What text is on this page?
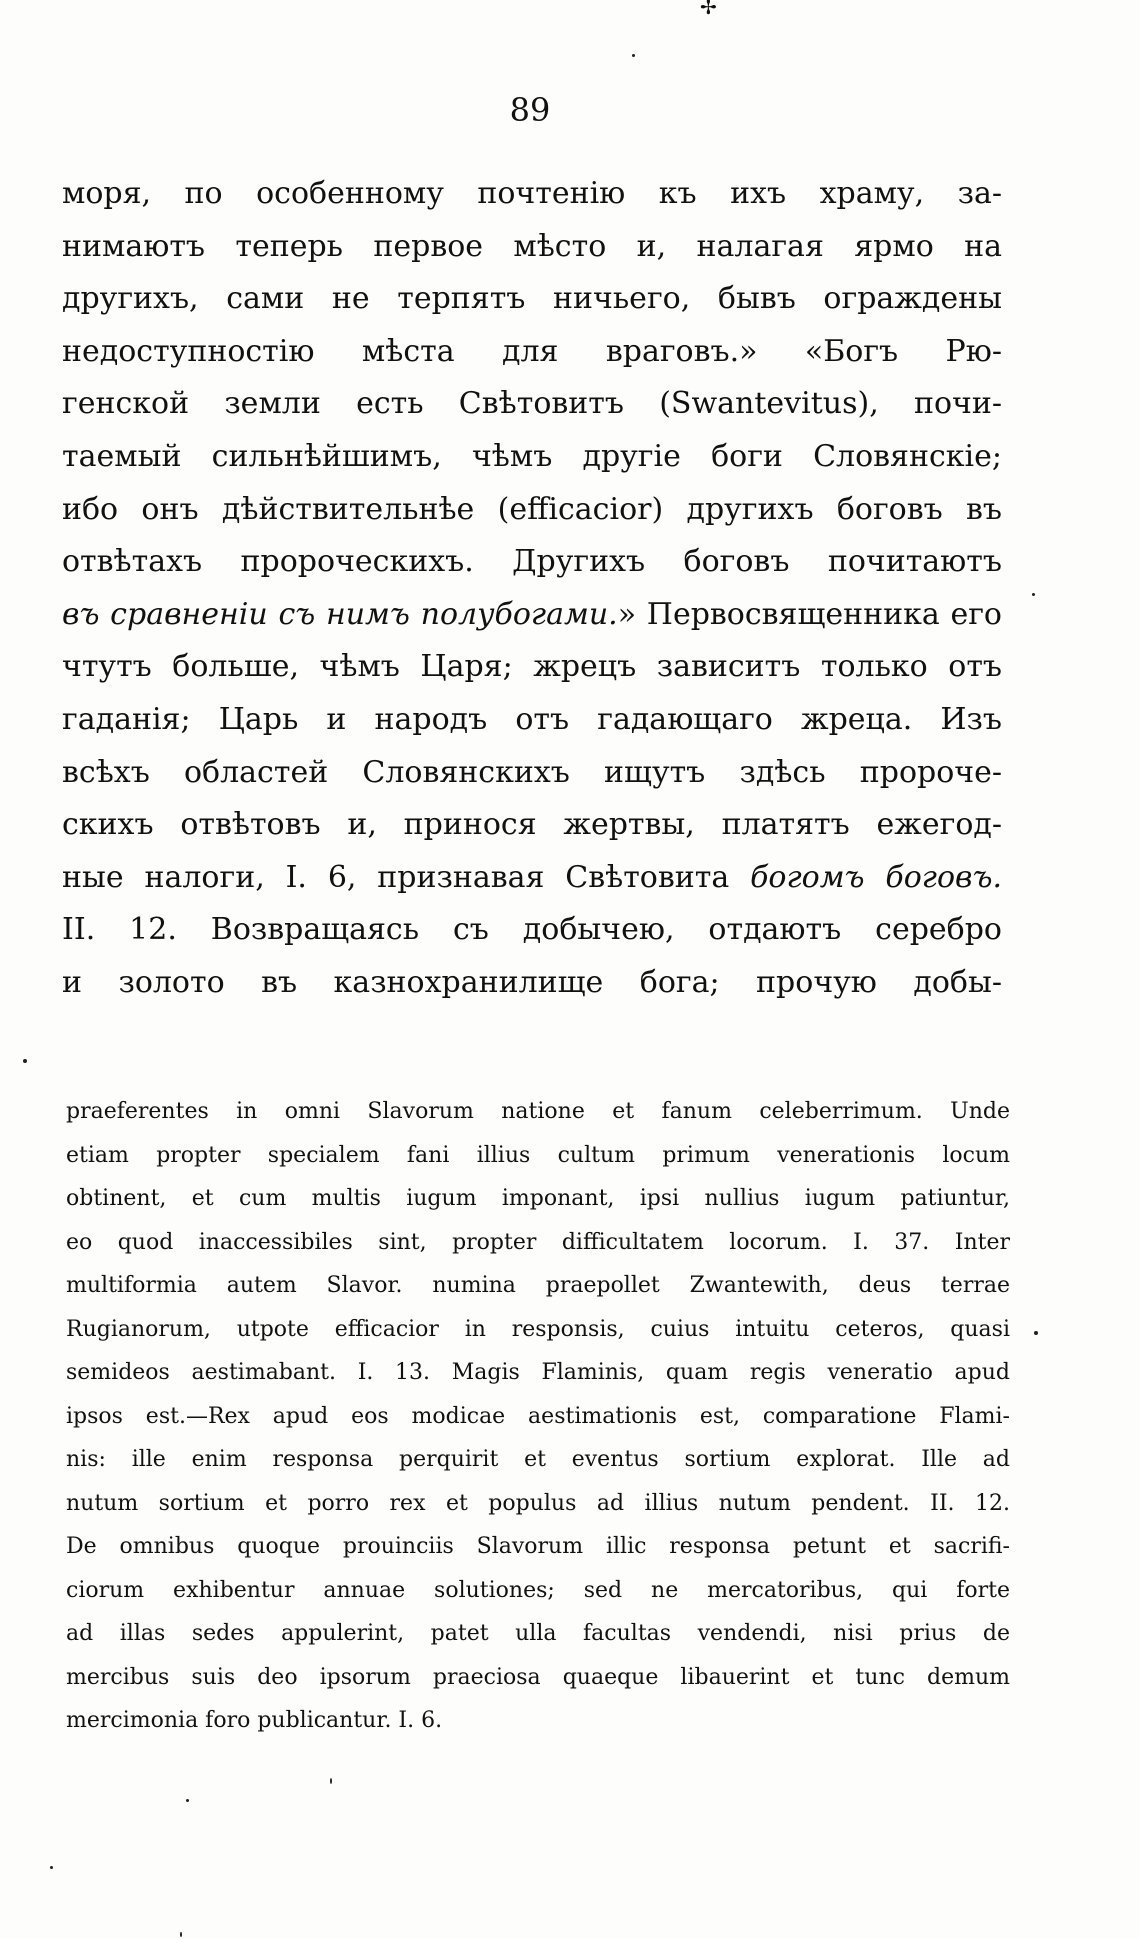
✢
89
моря, по особенному почтенію къ ихъ храму, за-
нимаютъ теперь первое мѣсто и, налагая ярмо на
другихъ, сами не терпятъ ничьего, бывъ ограждены
недоступностію мѣста для враговъ.» «Богъ Рю-
генской земли есть Свѣтовитъ (Swantevitus), почи-
таемый сильнѣйшимъ, чѣмъ другіе боги Словянскіе;
ибо онъ дѣйствительнѣе (efficacior) другихъ боговъ въ
отвѣтахъ пророческихъ. Другихъ боговъ почитаютъ
въ сравненіи съ нимъ полубогами.» Первосвященника его
чтутъ больше, чѣмъ Царя; жрецъ зависитъ только отъ
гаданія; Царь и народъ отъ гадающаго жреца. Изъ
всѣхъ областей Словянскихъ ищутъ здѣсь пророче-
скихъ отвѣтовъ и, принося жертвы, платятъ ежегод-
ные налоги, I. 6, признавая Свѣтовита богомъ боговъ.
II. 12. Возвращаясь съ добычею, отдаютъ серебро
и золото въ казнохранилище бога; прочую добы-
praeferentes in omni Slavorum natione et fanum celeberrimum. Unde
etiam propter specialem fani illius cultum primum venerationis locum
obtinent, et cum multis iugum imponant, ipsi nullius iugum patiuntur,
eo quod inaccessibiles sint, propter difficultatem locorum. I. 37. Inter
multiformia autem Slavor. numina praepollet Zwantewith, deus terrae
Rugianorum, utpote efficacior in responsis, cuius intuitu ceteros, quasi
semideos aestimabant. I. 13. Magis Flaminis, quam regis veneratio apud
ipsos est.—Rex apud eos modicae aestimationis est, comparatione Flami-
nis: ille enim responsa perquirit et eventus sortium explorat. Ille ad
nutum sortium et porro rex et populus ad illius nutum pendent. II. 12.
De omnibus quoque prouinciis Slavorum illic responsa petunt et sacrifi-
ciorum exhibentur annuae solutiones; sed ne mercatoribus, qui forte
ad illas sedes appulerint, patet ulla facultas vendendi, nisi prius de
mercibus suis deo ipsorum praeciosa quaeque libauerint et tunc demum
mercimonia foro publicantur. I. 6.
